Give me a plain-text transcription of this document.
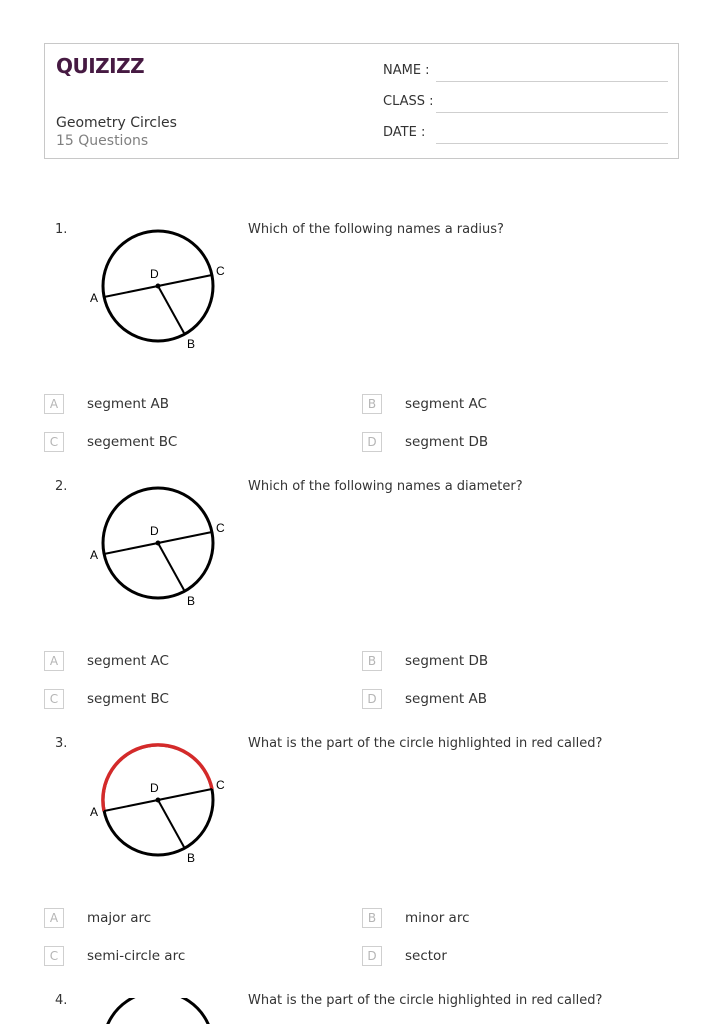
QUIZIZZ
Geometry Circles
15 Questions
NAME :
CLASS :
DATE :
1.	Which of the following names a radius?
A
D	C
B
A	segment AB	B	segment AC
C	segement BC	D	segment DB
2.	Which of the following names a diameter?
A
D	C
B
A	segment AC	B	segment DB
C	segment BC	D	segment AB
3.	What is the part of the circle highlighted in red called?
A
D	C
B
A	major arc	B	minor arc
C	semi-circle arc	D	sector
4.	What is the part of the circle highlighted in red called?
